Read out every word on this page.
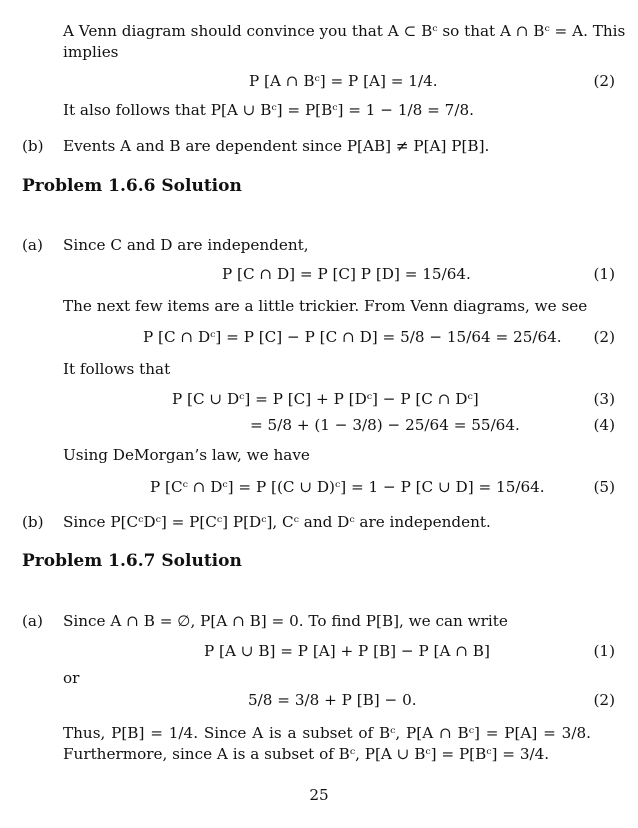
A Venn diagram should convince you that A ⊂ Bᶜ so that A ∩ Bᶜ = A. This
implies
P [A ∩ Bᶜ] = P [A] = 1/4.	(2)
It also follows that P[A ∪ Bᶜ] = P[Bᶜ] = 1 − 1/8 = 7/8.
(b) Events A and B are dependent since P[AB] ≠ P[A] P[B].
Problem 1.6.6 Solution
(a) Since C and D are independent,
P [C ∩ D] = P [C] P [D] = 15/64.	(1)
The next few items are a little trickier. From Venn diagrams, we see
P [C ∩ Dᶜ] = P [C] − P [C ∩ D] = 5/8 − 15/64 = 25/64. (2)
It follows that
P [C ∪ Dᶜ] = P [C] + P [Dᶜ] − P [C ∩ Dᶜ]	(3)
= 5/8 + (1 − 3/8) − 25/64 = 55/64.	(4)
Using DeMorgan’s law, we have
P [Cᶜ ∩ Dᶜ] = P [(C ∪ D)ᶜ] = 1 − P [C ∪ D] = 15/64.	(5)
(b) Since P[CᶜDᶜ] = P[Cᶜ] P[Dᶜ], Cᶜ and Dᶜ are independent.
Problem 1.6.7 Solution
(a) Since A ∩ B = ∅, P[A ∩ B] = 0. To find P[B], we can write
P [A ∪ B] = P [A] + P [B] − P [A ∩ B]	(1)
or
5/8 = 3/8 + P [B] − 0.	(2)
Thus, P[B] = 1/4. Since A is a subset of Bᶜ, P[A ∩ Bᶜ] = P[A] = 3/8.
Furthermore, since A is a subset of Bᶜ, P[A ∪ Bᶜ] = P[Bᶜ] = 3/4.
25
